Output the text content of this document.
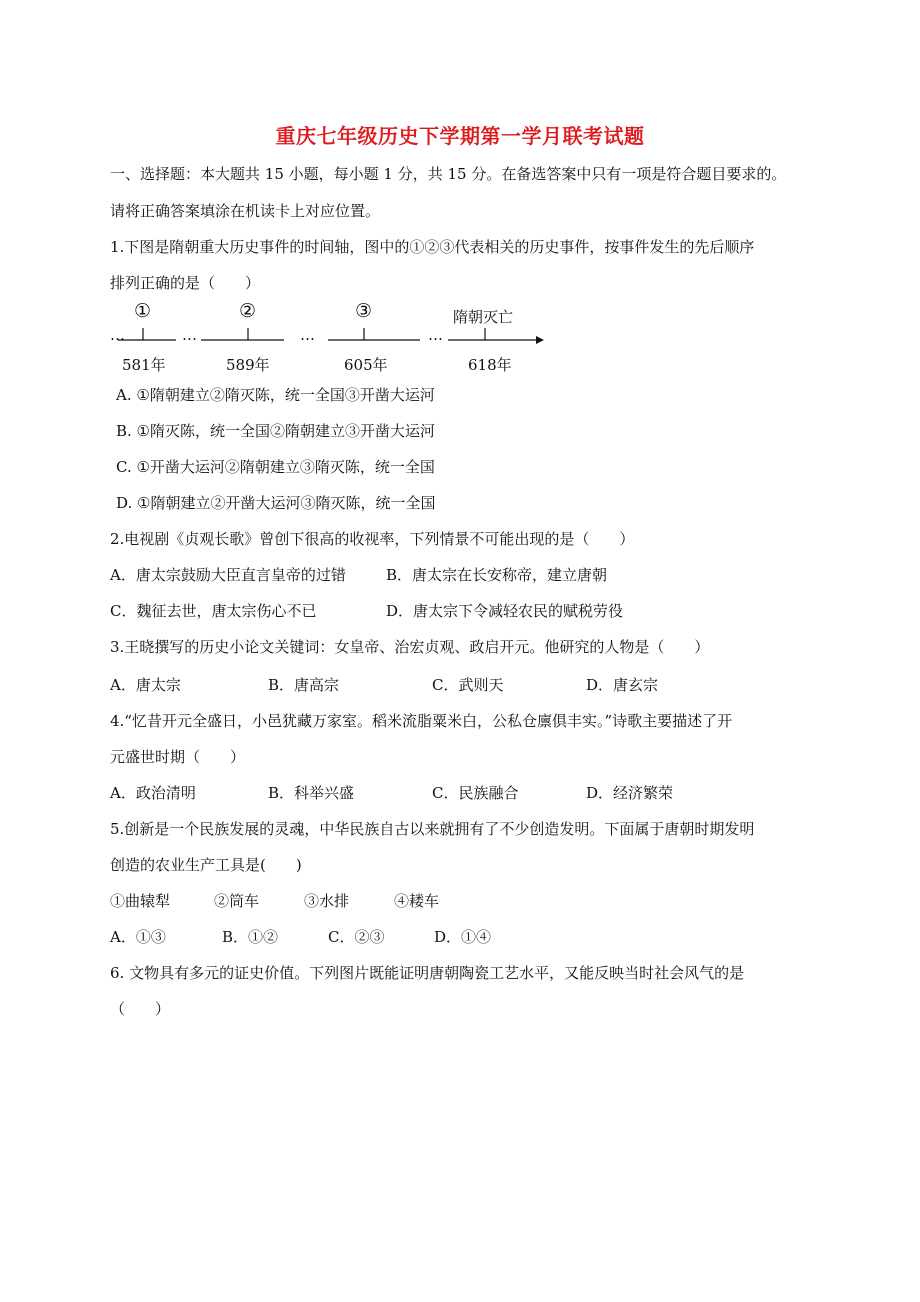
重庆七年级历史下学期第一学月联考试题
一、选择题：本大题共 15 小题，每小题 1 分，共 15 分。在备选答案中只有一项是符合题目要求的。
请将正确答案填涂在机读卡上对应位置。
1.下图是隋朝重大历史事件的时间轴，图中的①②③代表相关的历史事件，按事件发生的先后顺序
排列正确的是（　　）
…	…	…	…
①	②	③	隋朝灭亡
581年	589年	605年	618年
A. ①隋朝建立②隋灭陈，统一全国③开凿大运河
B. ①隋灭陈，统一全国②隋朝建立③开凿大运河
C. ①开凿大运河②隋朝建立③隋灭陈，统一全国
D. ①隋朝建立②开凿大运河③隋灭陈，统一全国
2.电视剧《贞观长歌》曾创下很高的收视率，下列情景不可能出现的是（　　）
A．唐太宗鼓励大臣直言皇帝的过错	B．唐太宗在长安称帝，建立唐朝
C．魏征去世，唐太宗伤心不已	D．唐太宗下令减轻农民的赋税劳役
3.王晓撰写的历史小论文关键词：女皇帝、治宏贞观、政启开元。他研究的人物是（　　）
A．唐太宗	B．唐高宗	C．武则天	D．唐玄宗
4.“忆昔开元全盛日，小邑犹藏万家室。稻米流脂粟米白，公私仓廪俱丰实。”诗歌主要描述了开
元盛世时期（　　）
A．政治清明	B．科举兴盛	C．民族融合	D．经济繁荣
5.创新是一个民族发展的灵魂，中华民族自古以来就拥有了不少创造发明。下面属于唐朝时期发明
创造的农业生产工具是(　　)
①曲辕犁	②筒车	③水排	④耧车
A．①③	B．①②	C．②③	D．①④
6. 文物具有多元的证史价值。下列图片既能证明唐朝陶瓷工艺水平，又能反映当时社会风气的是
（　　）
